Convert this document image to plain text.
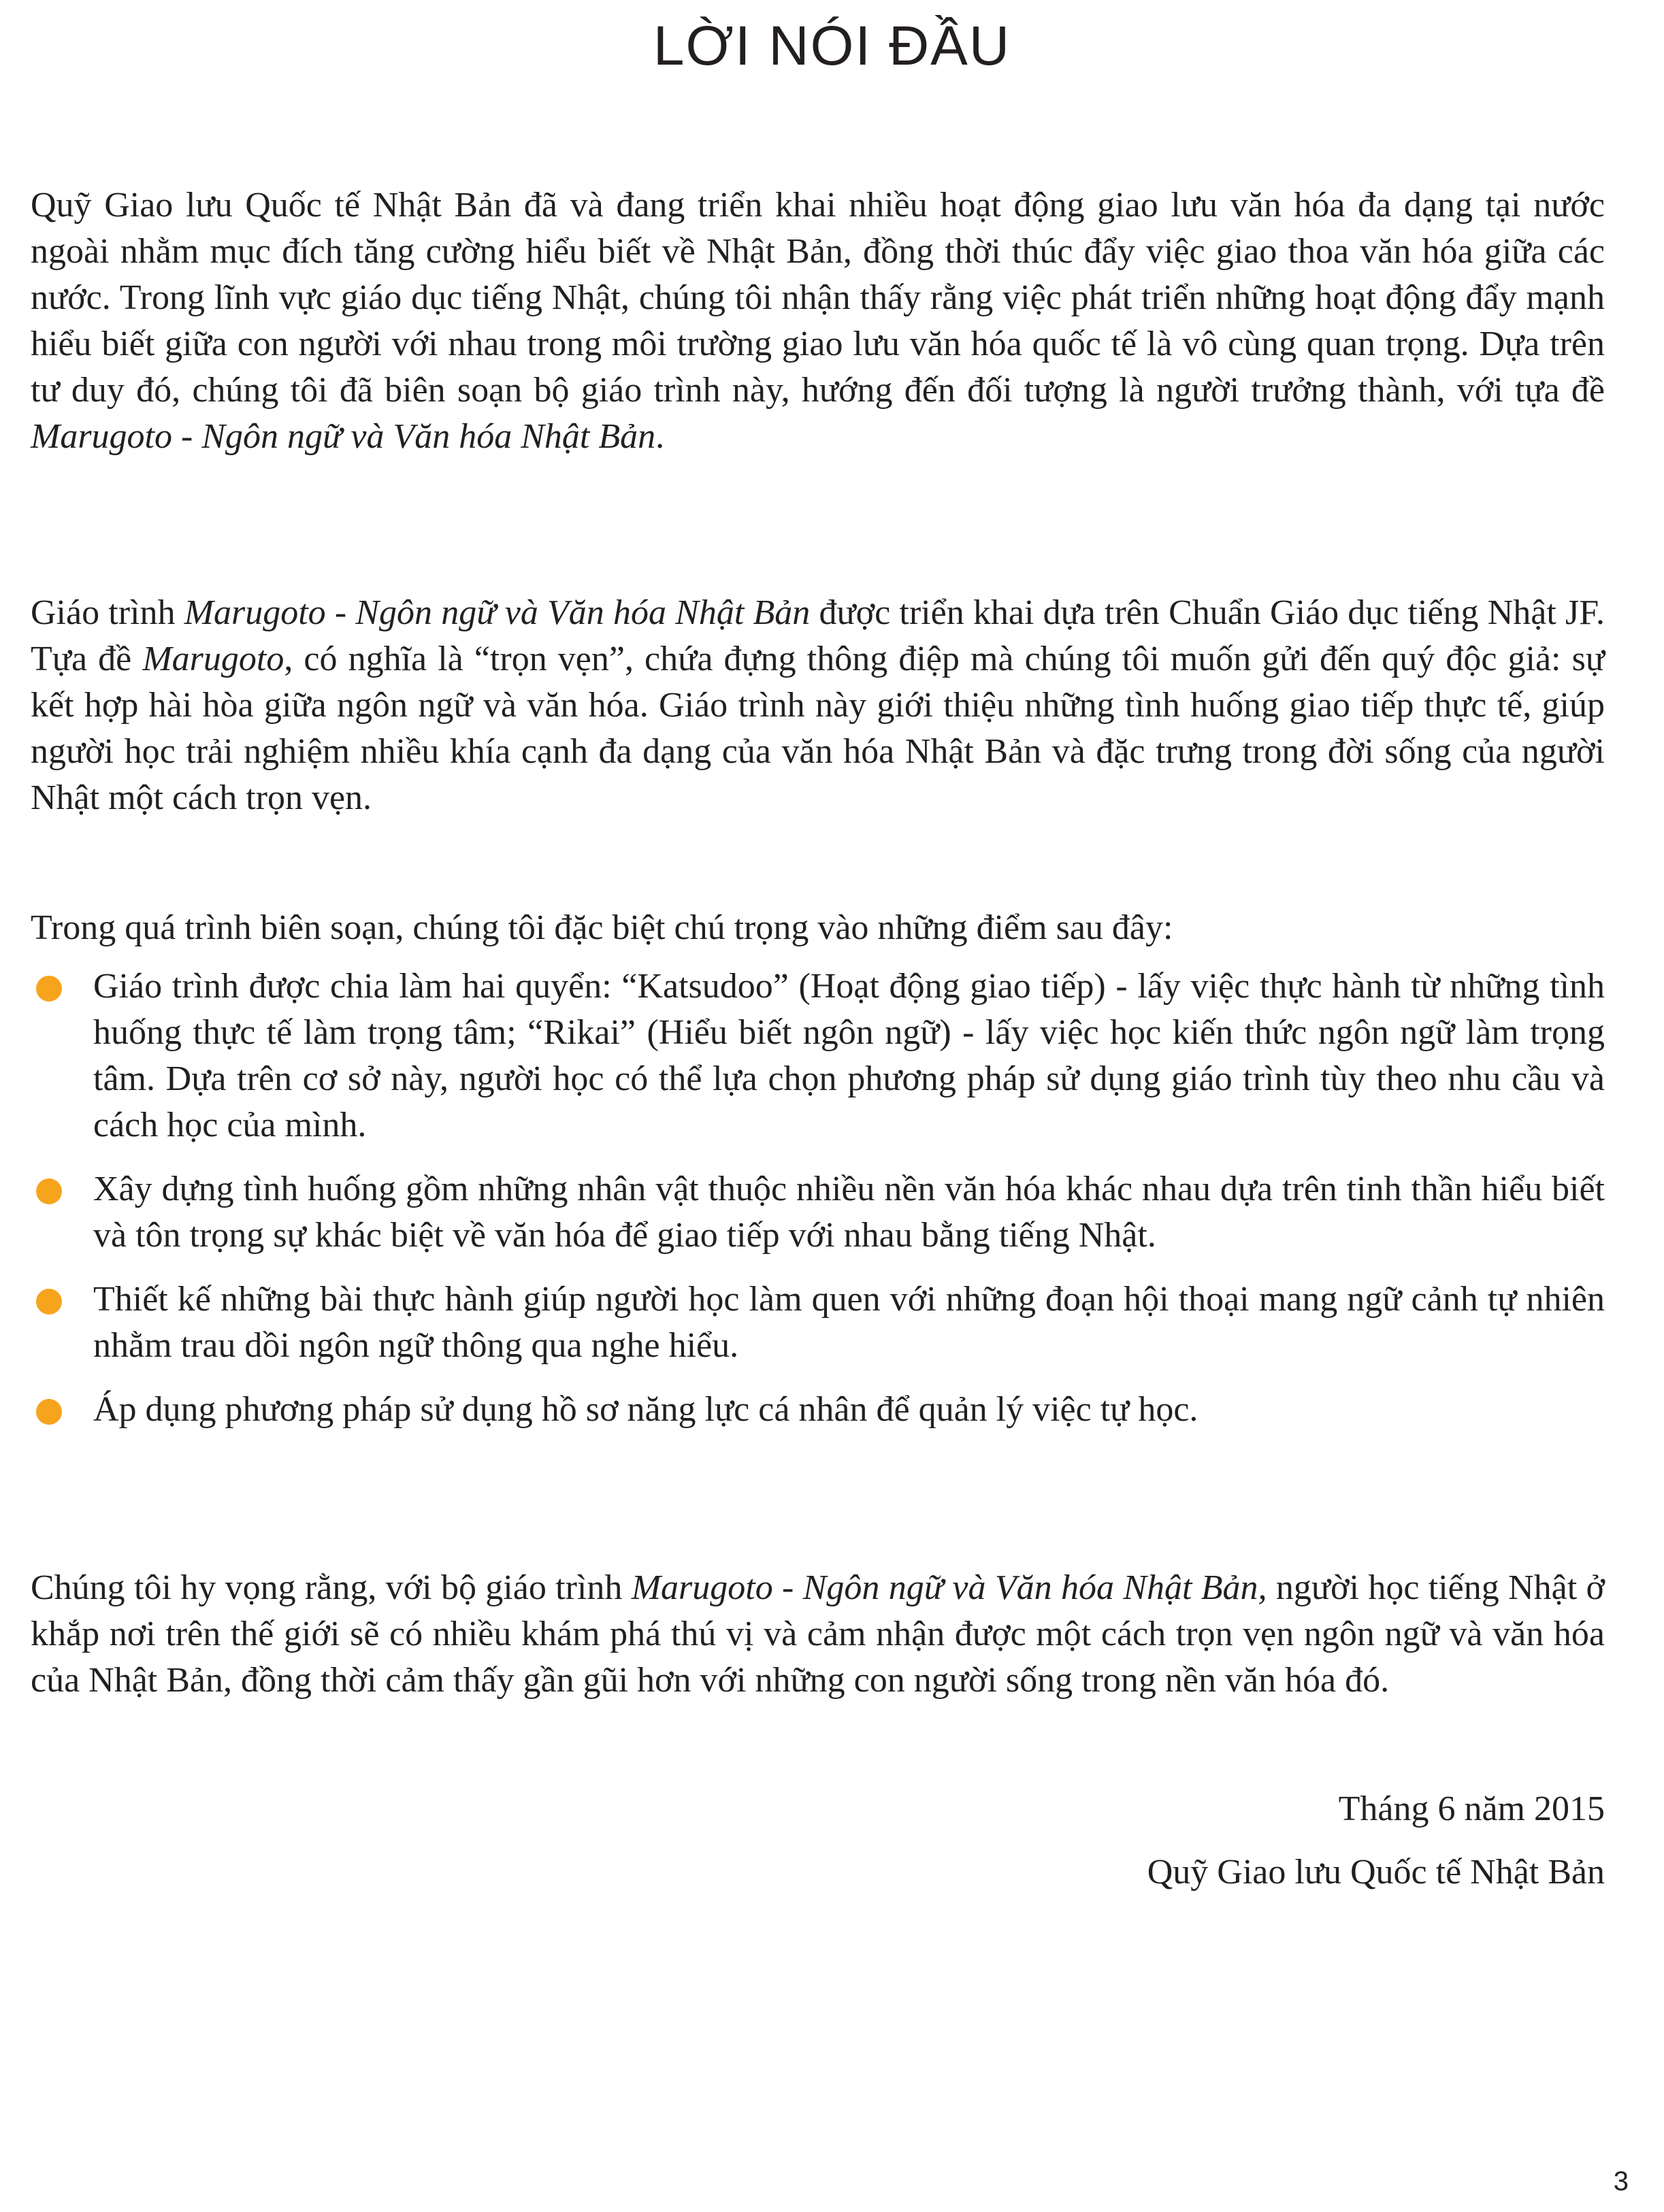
LỜI NÓI ĐẦU

Quỹ Giao lưu Quốc tế Nhật Bản đã và đang triển khai nhiều hoạt động giao lưu văn hóa đa dạng tại nước ngoài nhằm mục đích tăng cường hiểu biết về Nhật Bản, đồng thời thúc đẩy việc giao thoa văn hóa giữa các nước. Trong lĩnh vực giáo dục tiếng Nhật, chúng tôi nhận thấy rằng việc phát triển những hoạt động đẩy mạnh hiểu biết giữa con người với nhau trong môi trường giao lưu văn hóa quốc tế là vô cùng quan trọng. Dựa trên tư duy đó, chúng tôi đã biên soạn bộ giáo trình này, hướng đến đối tượng là người trưởng thành, với tựa đề Marugoto - Ngôn ngữ và Văn hóa Nhật Bản.

Giáo trình Marugoto - Ngôn ngữ và Văn hóa Nhật Bản được triển khai dựa trên Chuẩn Giáo dục tiếng Nhật JF. Tựa đề Marugoto, có nghĩa là “trọn vẹn”, chứa đựng thông điệp mà chúng tôi muốn gửi đến quý độc giả: sự kết hợp hài hòa giữa ngôn ngữ và văn hóa. Giáo trình này giới thiệu những tình huống giao tiếp thực tế, giúp người học trải nghiệm nhiều khía cạnh đa dạng của văn hóa Nhật Bản và đặc trưng trong đời sống của người Nhật một cách trọn vẹn.

Trong quá trình biên soạn, chúng tôi đặc biệt chú trọng vào những điểm sau đây:

Giáo trình được chia làm hai quyển: “Katsudoo” (Hoạt động giao tiếp) - lấy việc thực hành từ những tình huống thực tế làm trọng tâm; “Rikai” (Hiểu biết ngôn ngữ) - lấy việc học kiến thức ngôn ngữ làm trọng tâm. Dựa trên cơ sở này, người học có thể lựa chọn phương pháp sử dụng giáo trình tùy theo nhu cầu và cách học của mình.
Xây dựng tình huống gồm những nhân vật thuộc nhiều nền văn hóa khác nhau dựa trên tinh thần hiểu biết và tôn trọng sự khác biệt về văn hóa để giao tiếp với nhau bằng tiếng Nhật.
Thiết kế những bài thực hành giúp người học làm quen với những đoạn hội thoại mang ngữ cảnh tự nhiên nhằm trau dồi ngôn ngữ thông qua nghe hiểu.
Áp dụng phương pháp sử dụng hồ sơ năng lực cá nhân để quản lý việc tự học.

Chúng tôi hy vọng rằng, với bộ giáo trình Marugoto - Ngôn ngữ và Văn hóa Nhật Bản, người học tiếng Nhật ở khắp nơi trên thế giới sẽ có nhiều khám phá thú vị và cảm nhận được một cách trọn vẹn ngôn ngữ và văn hóa của Nhật Bản, đồng thời cảm thấy gần gũi hơn với những con người sống trong nền văn hóa đó.

Tháng 6 năm 2015

Quỹ Giao lưu Quốc tế Nhật Bản

3
